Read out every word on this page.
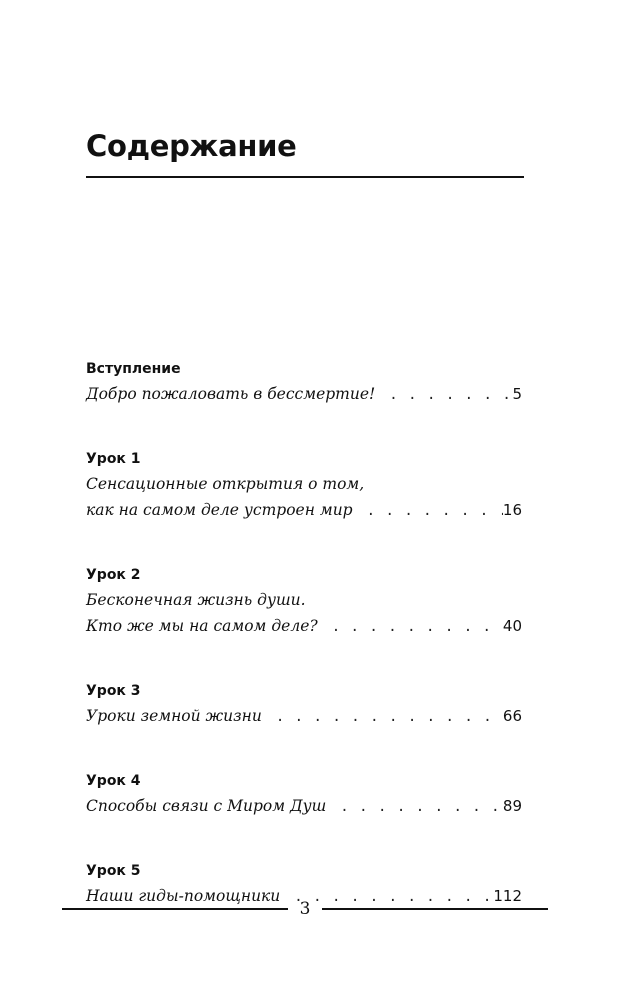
Содержание
Вступление
Добро пожаловать в бессмертие! . . .	5
Урок 1
Сенсационные открытия о том,
как на самом деле устроен мир . . .	16
Урок 2
Бесконечная жизнь души.
Кто же мы на самом деле? . . .	40
Урок 3
Уроки земной жизни . . .	66
Урок 4
Способы связи с Миром Душ . . .	89
Урок 5
Наши гиды-помощники . . .	112
3
